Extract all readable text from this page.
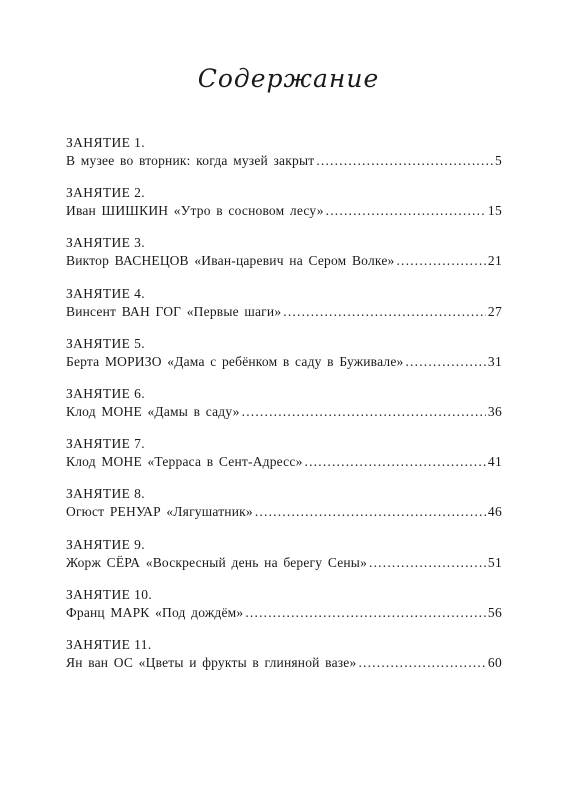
Содержание
ЗАНЯТИЕ 1.
В музее во вторник: когда музей закрыт .....	5
ЗАНЯТИЕ 2.
Иван ШИШКИН «Утро в сосновом лесу» .....	15
ЗАНЯТИЕ 3.
Виктор ВАСНЕЦОВ «Иван-царевич на Сером Волке» .....	21
ЗАНЯТИЕ 4.
Винсент ВАН ГОГ «Первые шаги» .....	27
ЗАНЯТИЕ 5.
Берта МОРИЗО «Дама с ребёнком в саду в Буживале» .....	31
ЗАНЯТИЕ 6.
Клод МОНЕ «Дамы в саду» .....	36
ЗАНЯТИЕ 7.
Клод МОНЕ «Терраса в Сент-Адресс» .....	41
ЗАНЯТИЕ 8.
Огюст РЕНУАР «Лягушатник» .....	46
ЗАНЯТИЕ 9.
Жорж СЁРА «Воскресный день на берегу Сены» .....	51
ЗАНЯТИЕ 10.
Франц МАРК «Под дождём» .....	56
ЗАНЯТИЕ 11.
Ян ван ОС «Цветы и фрукты в глиняной вазе» .....	60
